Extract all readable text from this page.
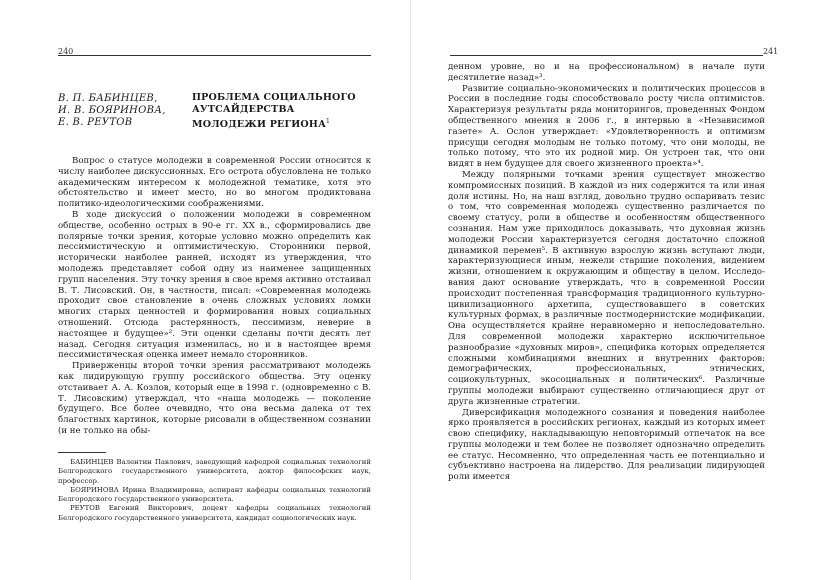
240
В. П. БАБИНЦЕВ,
И. В. БОЯРИНОВА,
Е. В. РЕУТОВ
ПРОБЛЕМА СОЦИАЛЬНОГО АУТСАЙДЕРСТВА МОЛОДЕЖИ РЕГИОНА$^1$

Вопрос о статусе молодежи в современной России относится к числу наиболее дискуссионных. Его острота обусловлена не только академическим интересом к молодежной тематике, хотя это обстоятельство и имеет место, но во многом продиктована политико-идеологическими соображениями.

В ходе дискуссий о положении молодежи в современном обществе, особенно острых в 90-е гг. XX в., сформировались две полярные точки зрения, которые условно можно определить как пессимистическую и оптимистическую. Сторонники первой, исторически наиболее ранней, исходят из утверждения, что молодежь представляет собой одну из наименее защищенных групп населения. Эту точку зрения в свое время активно отстаивал В. Т. Лисовский. Он, в частности, писал: «Современная молодежь проходит свое становление в очень сложных условиях ломки многих старых ценностей и формирования новых социальных отношений. Отсюда растерянность, пессимизм, неверие в настоящее и будущее»². Эти оценки сделаны почти десять лет назад. Сегодня ситуация изменилась, но и в настоящее время пессимистическая оценка имеет немало сторонников.

Приверженцы второй точки зрения рассматривают молодежь как лидирующую группу российского общества. Эту оценку отстаивает А. А. Козлов, который еще в 1998 г. (одновременно с В. Т. Лисовским) утверждал, что «наша молодежь — поколение будущего. Все более очевидно, что она весьма далека от тех благостных картинок, которые рисовали в общественном сознании (и не только на обы-

БАБИНЦЕВ Валентин Павлович, заведующий кафедрой социальных технологий Белгородского государственного университета, доктор философских наук, профессор.

БОЯРИНОВА Ирина Владимировна, аспирант кафедры социальных технологий Белгородского государственного университета.

РЕУТОВ Евгений Викторович, доцент кафедры социальных технологий Белгородского государственного университета, кандидат социологических наук.

241

денном уровне, но и на профессиональном) в начале пути десятилетие назад»³.

Развитие социально-экономических и политических процессов в России в последние годы способствовало росту числа оптимистов. Характеризуя результаты ряда мониторингов, проведенных Фондом общественного мнения в 2006 г., в интервью в «Независимой газете» А. Ослон утверждает: «Удовлетворенность и оптимизм присущи сегодня молодым не только потому, что они молоды, не только потому, что это их родной мир. Он устроен так, что они видят в нем будущее для своего жизненного проекта»⁴.

Между полярными точками зрения существует множество компромиссных позиций. В каждой из них содержится та или иная доля истины. Но, на наш взгляд, довольно трудно оспаривать тезис о том, что современная молодежь существенно различается по своему статусу, роли в обществе и особенностям общественного сознания. Нам уже приходилось доказывать, что духовная жизнь молодежи России характеризуется сегодня достаточно сложной динамикой перемен⁵. В активную взрослую жизнь вступают люди, характеризующиеся иным, нежели старшие поколения, видением жизни, отношением к окружающим и обществу в целом. Исследования дают основание утверждать, что в современной России происходит постепенная трансформация традиционного культурно-цивилизационного архетипа, существовавшего в советских культурных формах, в различные постмодернистские модификации. Она осуществляется крайне неравномерно и непоследовательно. Для современной молодежи характерно исключительное разнообразие «духовных миров», специфика которых определяется сложными комбинациями внешних и внутренних факторов: демографических, профессиональных, этнических, социокультурных, экосоциальных и политических⁶. Различные группы молодежи выбирают существенно отличающиеся друг от друга жизненные стратегии.

Диверсификация молодежного сознания и поведения наиболее ярко проявляется в российских регионах, каждый из которых имеет свою специфику, накладывающую неповторимый отпечаток на все группы молодежи и тем более не позволяет однозначно определить ее статус. Несомненно, что определенная часть ее потенциально и субъективно настроена на лидерство. Для реализации лидирующей роли имеется
